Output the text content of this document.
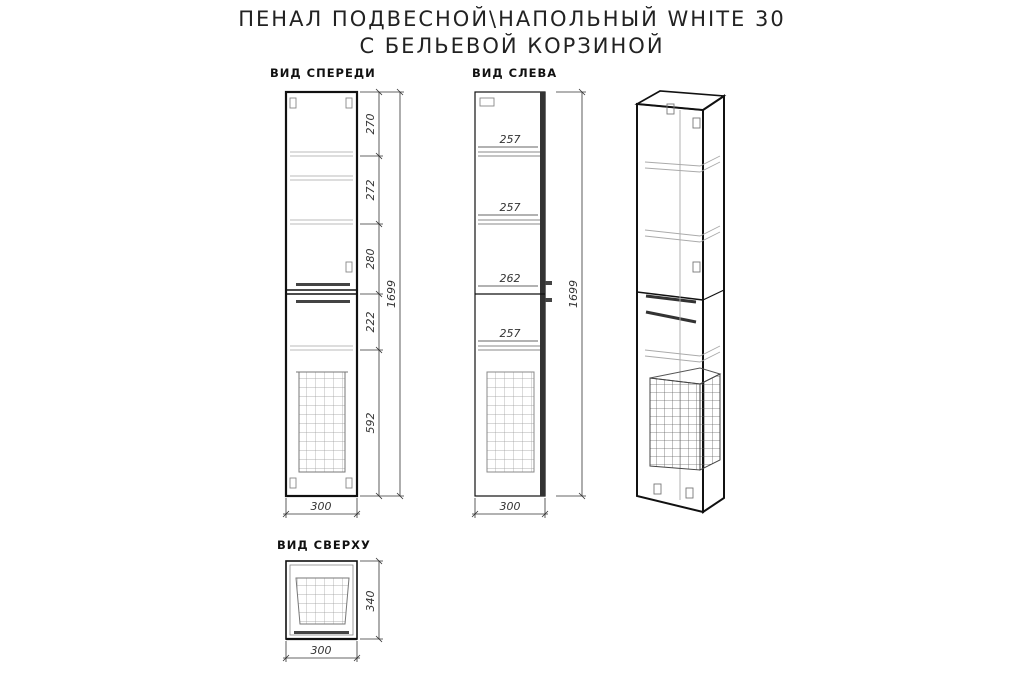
ПЕНАЛ ПОДВЕСНОЙ\НАПОЛЬНЫЙ WHITE 30
С БЕЛЬЕВОЙ КОРЗИНОЙ
ВИД СПЕРЕДИ	ВИД СЛЕВА
ВИД СВЕРХУ
270
272
280
222
592
1699
300
257
257
262
257
1699
300
340
300
